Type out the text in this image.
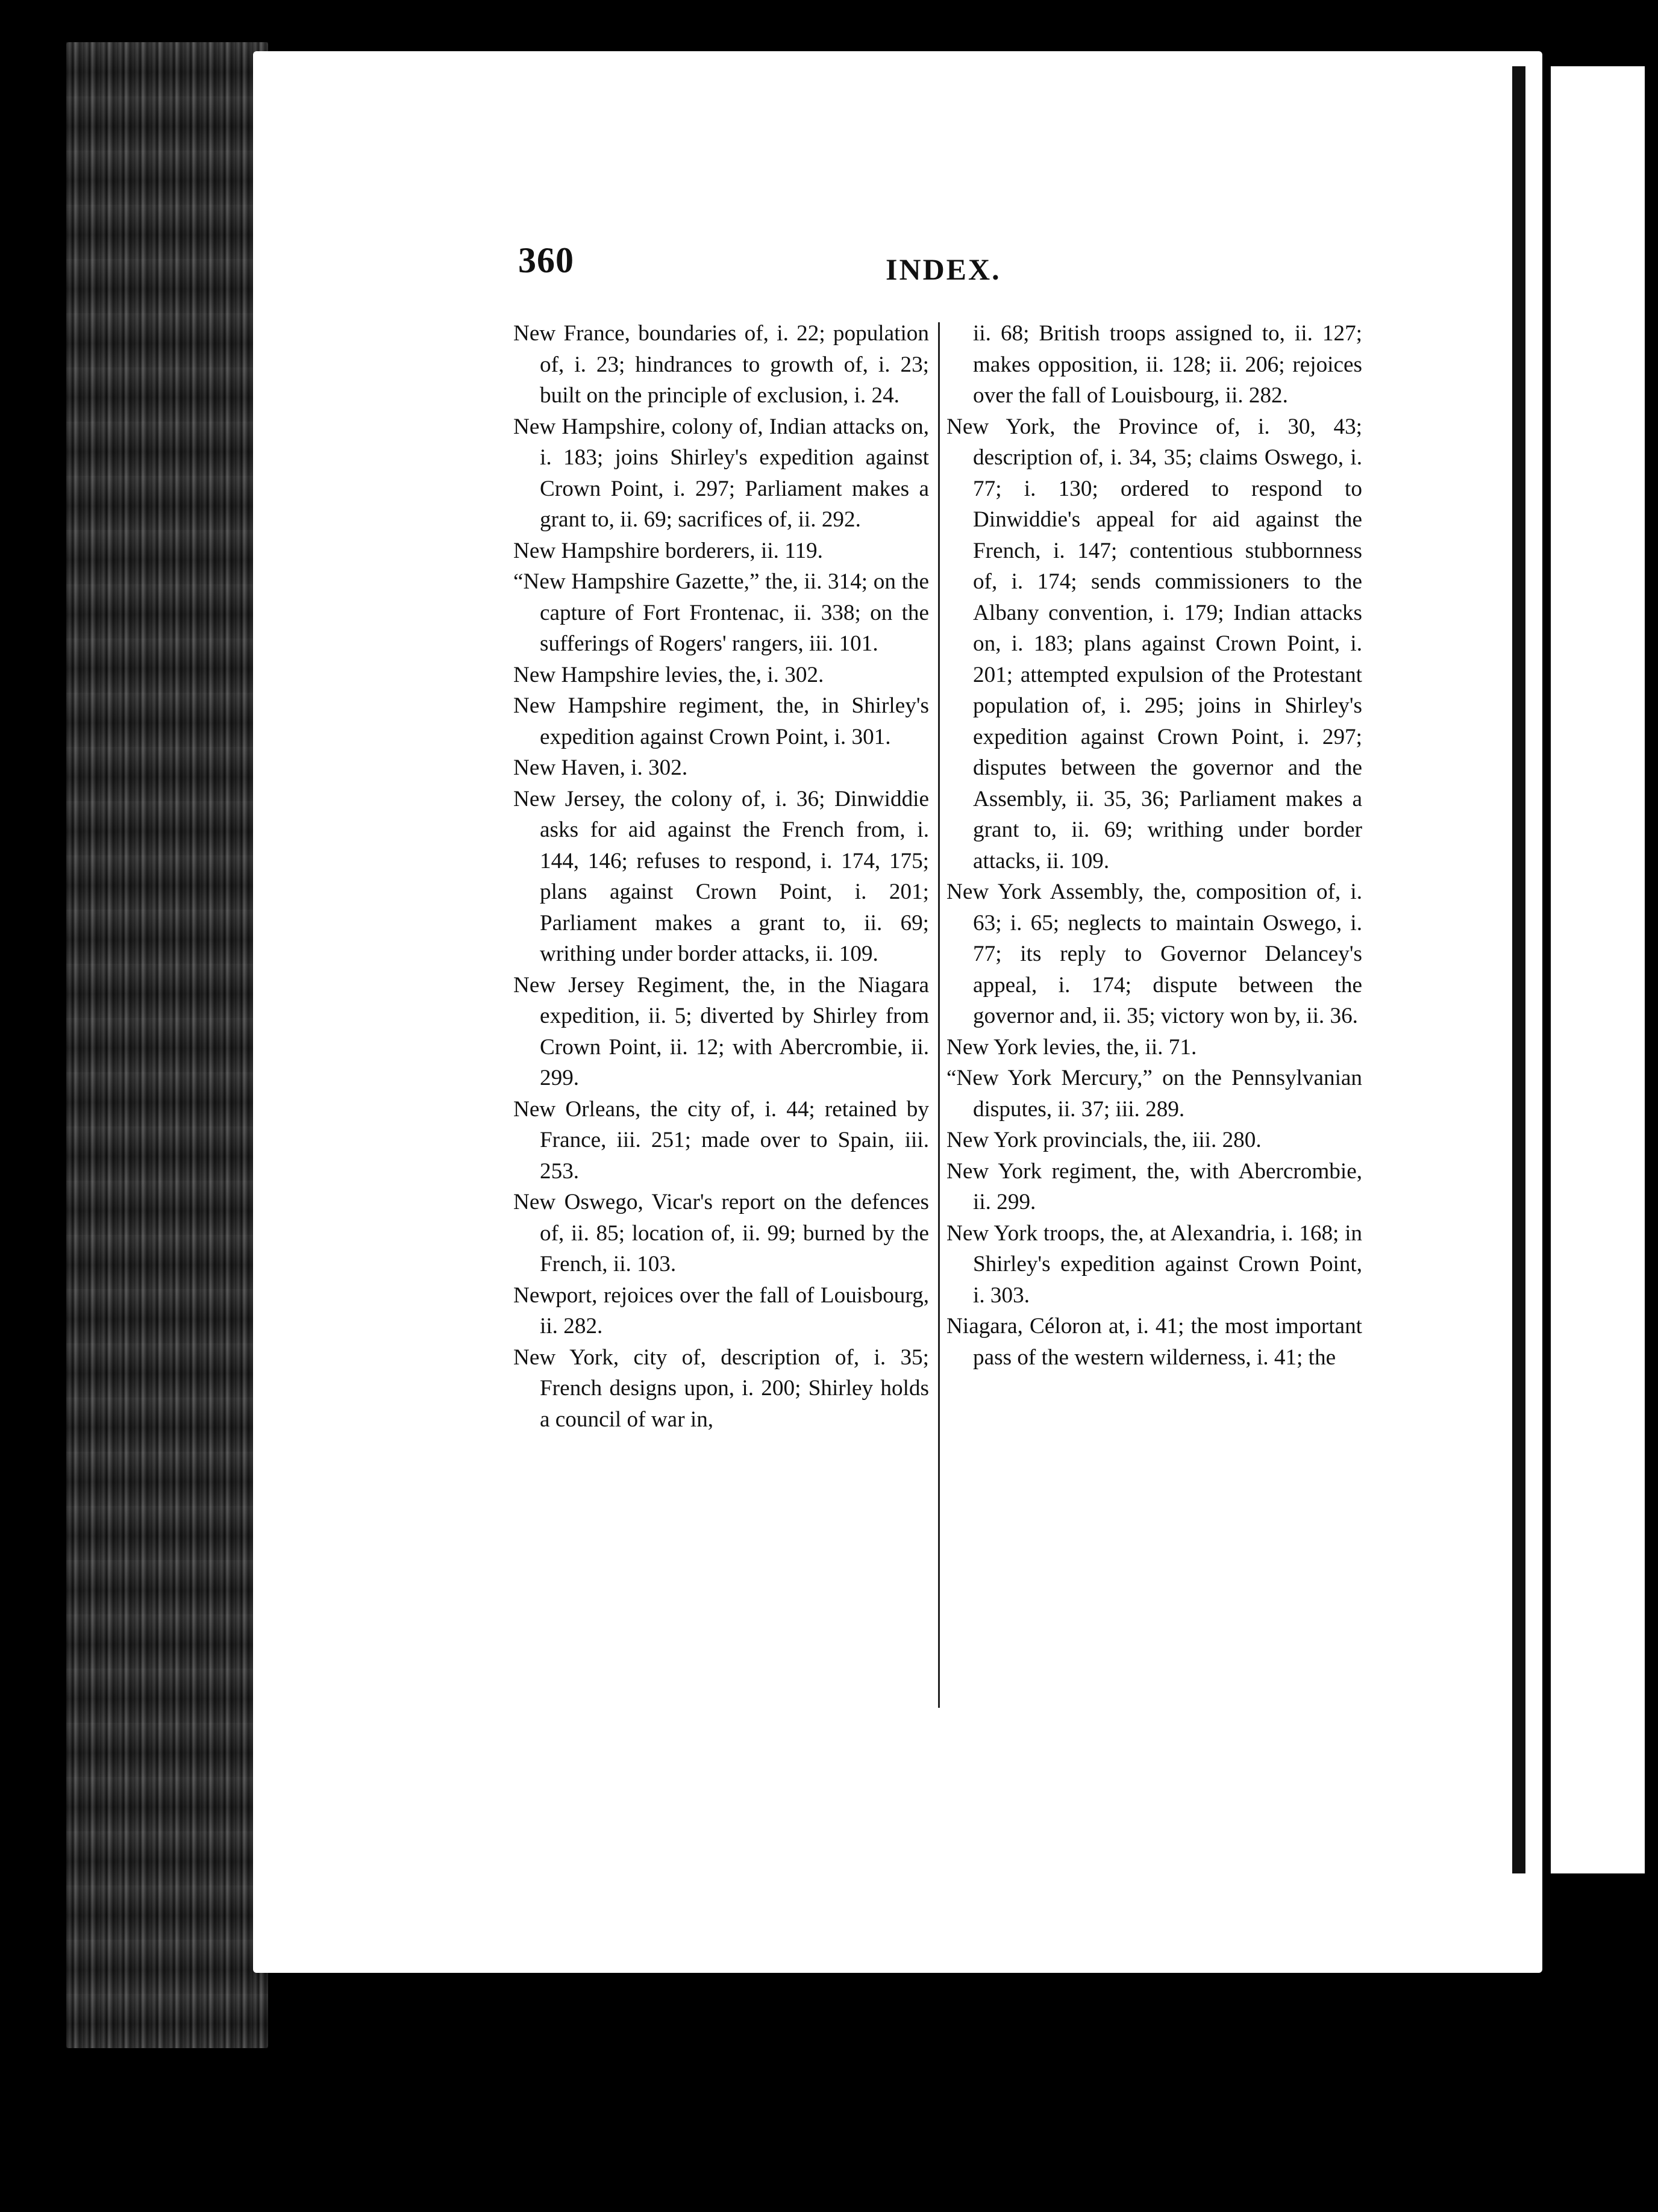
360	INDEX.

New France, boundaries of, i. 22; population of, i. 23; hindrances to growth of, i. 23; built on the principle of exclusion, i. 24.

New Hampshire, colony of, Indian attacks on, i. 183; joins Shirley's expedition against Crown Point, i. 297; Parliament makes a grant to, ii. 69; sacrifices of, ii. 292.

New Hampshire borderers, ii. 119.

“New Hampshire Gazette,” the, ii. 314; on the capture of Fort Frontenac, ii. 338; on the sufferings of Rogers' rangers, iii. 101.

New Hampshire levies, the, i. 302.

New Hampshire regiment, the, in Shirley's expedition against Crown Point, i. 301.

New Haven, i. 302.

New Jersey, the colony of, i. 36; Dinwiddie asks for aid against the French from, i. 144, 146; refuses to respond, i. 174, 175; plans against Crown Point, i. 201; Parliament makes a grant to, ii. 69; writhing under border attacks, ii. 109.

New Jersey Regiment, the, in the Niagara expedition, ii. 5; diverted by Shirley from Crown Point, ii. 12; with Abercrombie, ii. 299.

New Orleans, the city of, i. 44; retained by France, iii. 251; made over to Spain, iii. 253.

New Oswego, Vicar's report on the defences of, ii. 85; location of, ii. 99; burned by the French, ii. 103.

Newport, rejoices over the fall of Louisbourg, ii. 282.

New York, city of, description of, i. 35; French designs upon, i. 200; Shirley holds a council of war in,

ii. 68; British troops assigned to, ii. 127; makes opposition, ii. 128; ii. 206; rejoices over the fall of Louisbourg, ii. 282.

New York, the Province of, i. 30, 43; description of, i. 34, 35; claims Oswego, i. 77; i. 130; ordered to respond to Dinwiddie's appeal for aid against the French, i. 147; contentious stubbornness of, i. 174; sends commissioners to the Albany convention, i. 179; Indian attacks on, i. 183; plans against Crown Point, i. 201; attempted expulsion of the Protestant population of, i. 295; joins in Shirley's expedition against Crown Point, i. 297; disputes between the governor and the Assembly, ii. 35, 36; Parliament makes a grant to, ii. 69; writhing under border attacks, ii. 109.

New York Assembly, the, composition of, i. 63; i. 65; neglects to maintain Oswego, i. 77; its reply to Governor Delancey's appeal, i. 174; dispute between the governor and, ii. 35; victory won by, ii. 36.

New York levies, the, ii. 71.

“New York Mercury,” on the Pennsylvanian disputes, ii. 37; iii. 289.

New York provincials, the, iii. 280.

New York regiment, the, with Abercrombie, ii. 299.

New York troops, the, at Alexandria, i. 168; in Shirley's expedition against Crown Point, i. 303.

Niagara, Céloron at, i. 41; the most important pass of the western wilderness, i. 41; the
